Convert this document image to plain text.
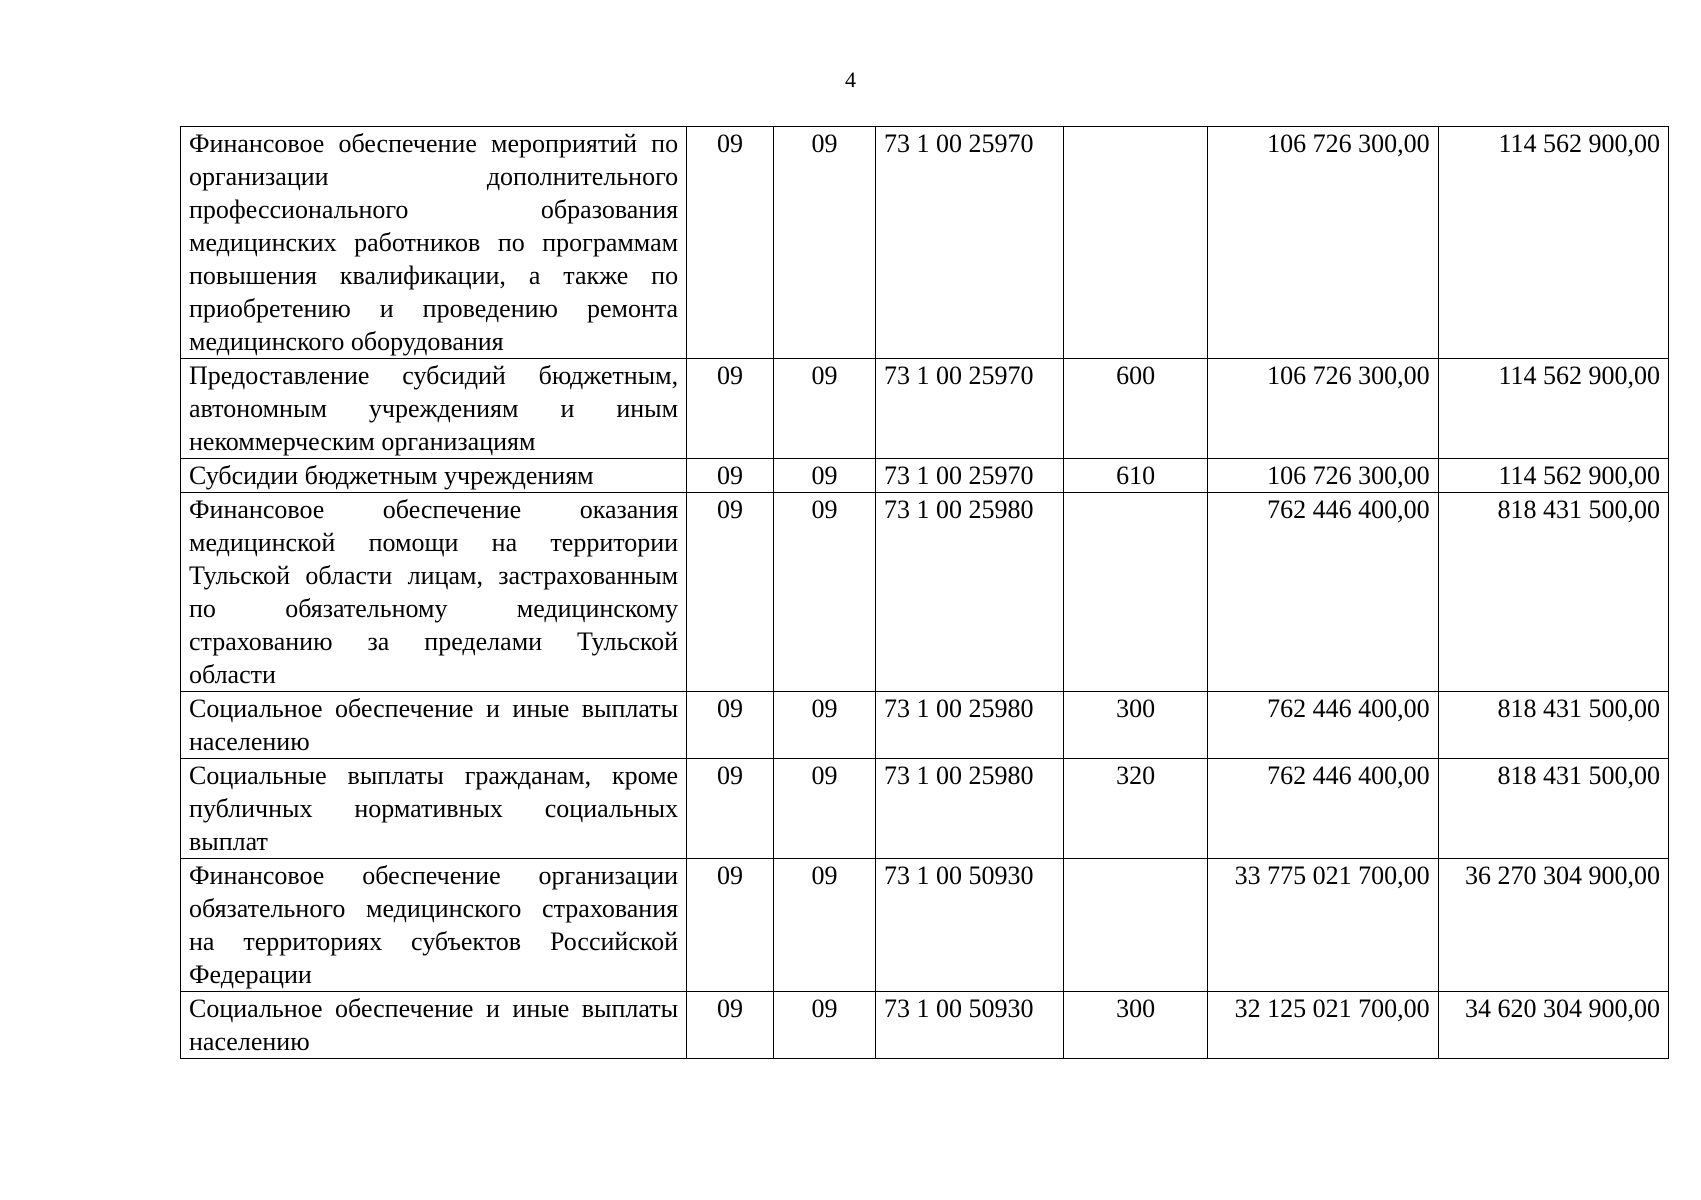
4
Финансовое обеспечение мероприятий по организации дополнительного профессионального образования медицинских работников по программам повышения квалификации, а также по приобретению и проведению ремонта медицинского оборудования	09	09	73 1 00 25970		106 726 300,00	114 562 900,00
Предоставление субсидий бюджетным, автономным учреждениям и иным некоммерческим организациям	09	09	73 1 00 25970	600	106 726 300,00	114 562 900,00
Субсидии бюджетным учреждениям	09	09	73 1 00 25970	610	106 726 300,00	114 562 900,00
Финансовое обеспечение оказания медицинской помощи на территории Тульской области лицам, застрахованным по обязательному медицинскому страхованию за пределами Тульской области	09	09	73 1 00 25980		762 446 400,00	818 431 500,00
Социальное обеспечение и иные выплаты населению	09	09	73 1 00 25980	300	762 446 400,00	818 431 500,00
Социальные выплаты гражданам, кроме публичных нормативных социальных выплат	09	09	73 1 00 25980	320	762 446 400,00	818 431 500,00
Финансовое обеспечение организации обязательного медицинского страхования на территориях субъектов Российской Федерации	09	09	73 1 00 50930		33 775 021 700,00	36 270 304 900,00
Социальное обеспечение и иные выплаты населению	09	09	73 1 00 50930	300	32 125 021 700,00	34 620 304 900,00
